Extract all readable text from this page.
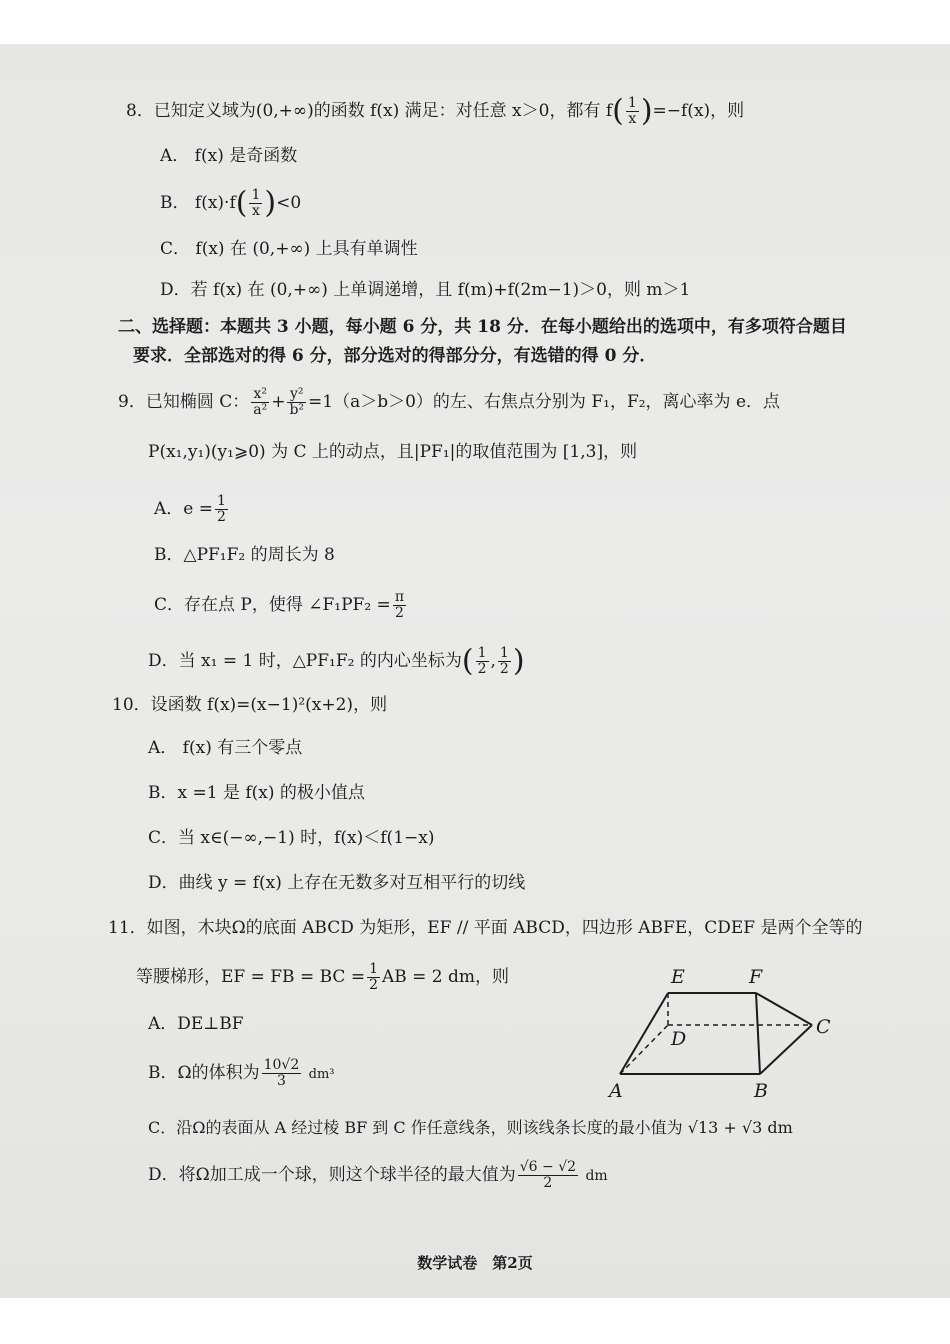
8．已知定义域为(0,+∞)的函数 f(x) 满足：对任意 x＞0，都有 $f( \frac{1}{x} )=-f(x)$，则
A． f(x) 是奇函数
B． $f(x)\cdot f( \frac{1}{x} )<0$
C． f(x) 在 (0,+∞) 上具有单调性
D．若 f(x) 在 (0,+∞) 上单调递增，且 f(m)+f(2m−1)＞0，则 m＞1
二、选择题：本题共 3 小题，每小题 6 分，共 18 分．在每小题给出的选项中，有多项符合题目
要求．全部选对的得 6 分，部分选对的得部分分，有选错的得 0 分．
9．已知椭圆 C： $\frac{\text{x²}}{\text{a²}} + \frac{\text{y²}}{\text{b²}} =1(a>b>0)$的左、右焦点分别为 F₁，F₂，离心率为 e．点
P(x₁,y₁)(y₁⩾0) 为 C 上的动点，且|PF₁|的取值范围为 [1,3]，则
A．$e = \frac{1}{2}$
B．△PF₁F₂ 的周长为 8
C．存在点 P，使得 ∠F₁PF₂ = $\frac{\pi}{2}$
D．当 x₁ = 1 时，△PF₁F₂ 的内心坐标为( $\frac{1}{2}$ , $\frac{1}{2}$ )
10．设函数 f(x)=(x−1)²(x+2)，则
A． f(x) 有三个零点
B．x =1 是 f(x) 的极小值点
C．当 x∈(−∞,−1) 时，f(x)＜f(1−x)
D．曲线 y = f(x) 上存在无数多对互相平行的切线
11．如图，木块Ω的底面 ABCD 为矩形，EF // 平面 ABCD，四边形 ABFE，CDEF 是两个全等的
等腰梯形，EF = FB = BC = $\frac{1}{2}$ AB = 2 dm，则
A．DE⊥BF
B．Ω的体积为 $\frac{10√2}{3} dm^3$
C．沿Ω的表面从 A 经过棱 BF 到 C 作任意线条，则该线条长度的最小值为 √13 + √3 dm
D．将Ω加工成一个球，则这个球半径的最大值为 $\frac{√6 - √2}{2}$ dm
E	F
C
D
A	B
数学试卷　第2页
